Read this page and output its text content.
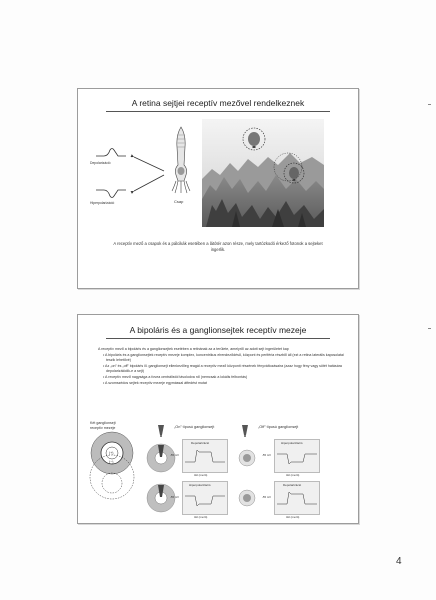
A retina sejtjei receptív mezővel rendelkeznek
Depolarizáció
Hiperpolarizáció	Csap
A receptív mező a csapok és a pálcikák esetében a látótér azon része, mely tartózkodó érkező fotonok a sejteket ingerlik.
A bipoláris és a ganglionsejtek receptív mezeje
A receptív mező a bipoláris és a ganglionsejtek esetében a retinának az a területe, amelyről az adott sejt ingerületet kap
• A bipoláris és a ganglionsejtek receptív mezeje komplex, koncentrikus elrendeződésű, központ és periféria részből áll (ezt a retina laterális kapcsolatai teszik lehetővé)
• Az „on” és „off” bipoláris ill. ganglionsejt ellenkezőleg reagál a receptív mező központi részének fényváltozásaira (azaz hogy fény vagy sötét hatására depolarizálódik-e a sejt)
• A receptív mező nagysága a fovea centrálistól távolodva nő (nemcsak a lokális felbontás)
• A szomszédos sejtek receptív mezeje egymással átfedést mutat
Két ganglionsejt receptív mezeje
(+)
(−)
„On” típusú ganglionsejt
Depolarizáció
-55 mV
Idő (mező)
Hiperpolarizáció
-55 mV
Idő (mező)
„Off” típusú ganglionsejt
Hiperpolarizáció
-55 mV
Idő (mező)
Depolarizáció
-55 mV
Idő (mező)
4
